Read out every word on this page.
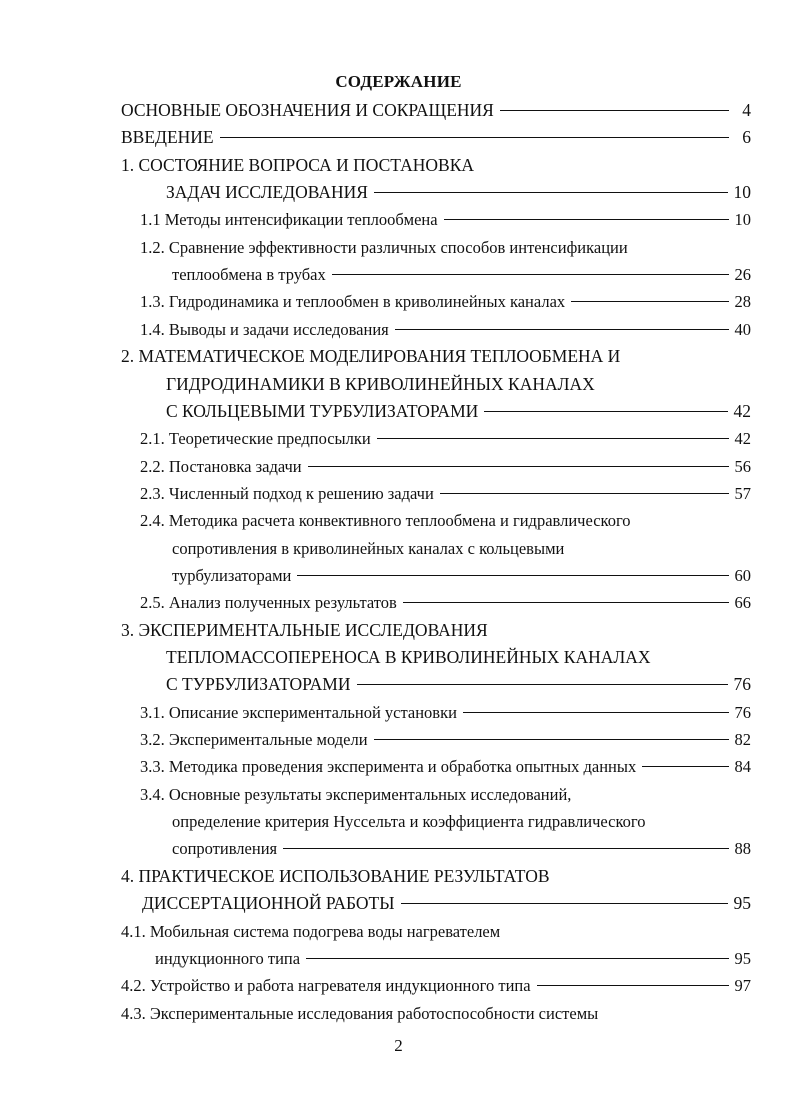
СОДЕРЖАНИЕ
ОСНОВНЫЕ ОБОЗНАЧЕНИЯ И СОКРАЩЕНИЯ	4
ВВЕДЕНИЕ	6
1. СОСТОЯНИЕ ВОПРОСА И ПОСТАНОВКА
ЗАДАЧ ИССЛЕДОВАНИЯ	10
1.1 Методы интенсификации теплообмена	10
1.2. Сравнение эффективности различных способов интенсификации
теплообмена в трубах	26
1.3. Гидродинамика и теплообмен в криволинейных каналах	28
1.4. Выводы и задачи исследования	40
2. МАТЕМАТИЧЕСКОЕ МОДЕЛИРОВАНИЯ ТЕПЛООБМЕНА И
ГИДРОДИНАМИКИ В КРИВОЛИНЕЙНЫХ КАНАЛАХ
С КОЛЬЦЕВЫМИ ТУРБУЛИЗАТОРАМИ	42
2.1. Теоретические предпосылки	42
2.2. Постановка задачи	56
2.3. Численный подход к решению задачи	57
2.4. Методика расчета конвективного теплообмена и гидравлического
сопротивления в криволинейных каналах с кольцевыми
турбулизаторами	60
2.5. Анализ полученных результатов	66
3. ЭКСПЕРИМЕНТАЛЬНЫЕ ИССЛЕДОВАНИЯ
ТЕПЛОМАССОПЕРЕНОСА В КРИВОЛИНЕЙНЫХ КАНАЛАХ
С ТУРБУЛИЗАТОРАМИ	76
3.1. Описание экспериментальной установки	76
3.2. Экспериментальные модели	82
3.3. Методика проведения эксперимента и обработка опытных данных	84
3.4. Основные результаты экспериментальных исследований,
определение критерия Нуссельта и коэффициента гидравлического
сопротивления	88
4. ПРАКТИЧЕСКОЕ ИСПОЛЬЗОВАНИЕ РЕЗУЛЬТАТОВ
ДИССЕРТАЦИОННОЙ РАБОТЫ	95
4.1. Мобильная система подогрева воды нагревателем
индукционного типа	95
4.2. Устройство и работа нагревателя индукционного типа	97
4.3. Экспериментальные исследования работоспособности системы
2
